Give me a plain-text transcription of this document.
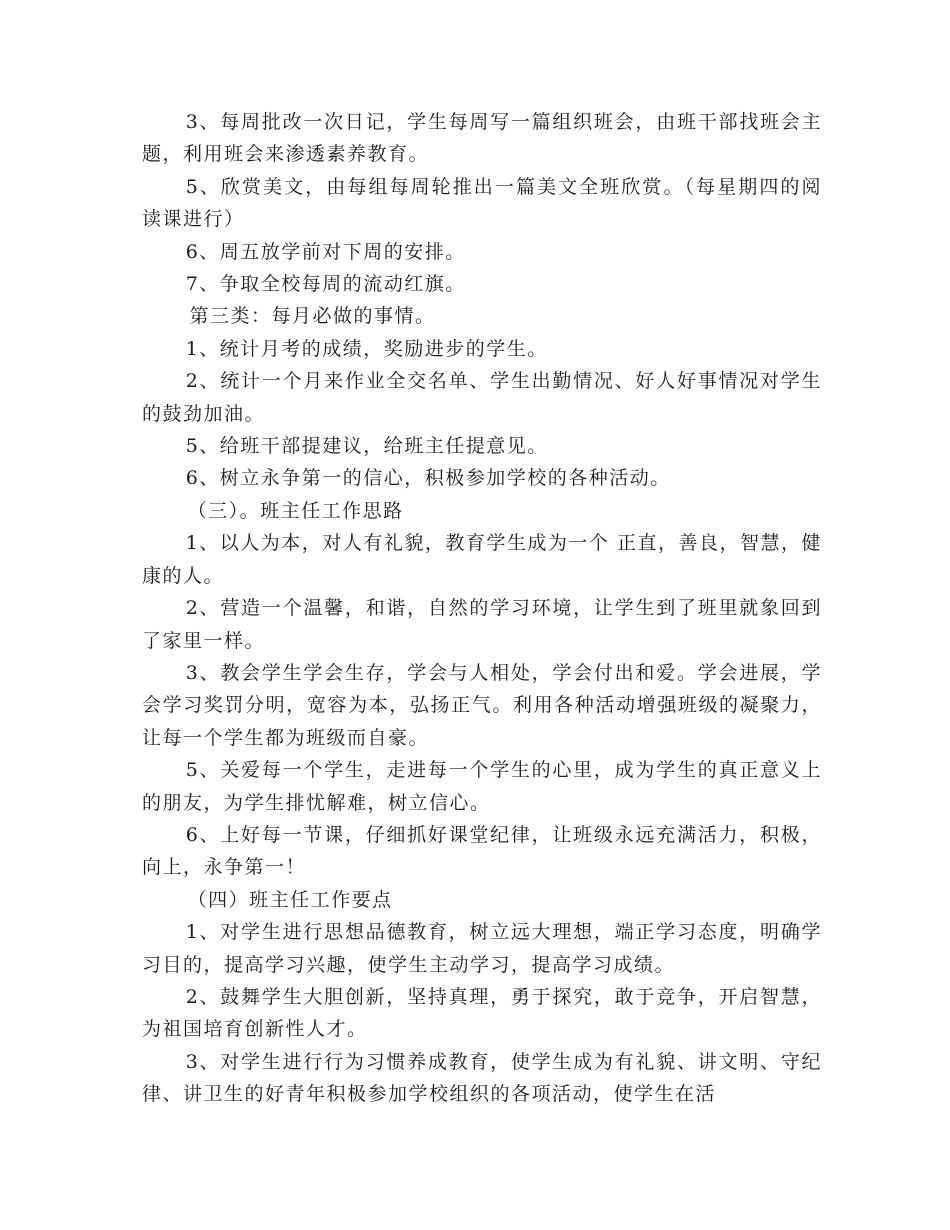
3、每周批改一次日记，学生每周写一篇组织班会，由班干部找班会主题，利用班会来渗透素养教育。

5、欣赏美文，由每组每周轮推出一篇美文全班欣赏。（每星期四的阅读课进行）

6、周五放学前对下周的安排。

7、争取全校每周的流动红旗。

第三类：每月必做的事情。

1、统计月考的成绩，奖励进步的学生。

2、统计一个月来作业全交名单、学生出勤情况、好人好事情况对学生的鼓劲加油。

5、给班干部提建议，给班主任提意见。

6、树立永争第一的信心，积极参加学校的各种活动。

（三）。班主任工作思路

1、以人为本，对人有礼貌，教育学生成为一个 正直，善良，智慧，健康的人。

2、营造一个温馨，和谐，自然的学习环境，让学生到了班里就象回到了家里一样。

3、教会学生学会生存，学会与人相处，学会付出和爱。学会进展，学会学习奖罚分明，宽容为本，弘扬正气。利用各种活动增强班级的凝聚力，让每一个学生都为班级而自豪。

5、关爱每一个学生，走进每一个学生的心里，成为学生的真正意义上的朋友，为学生排忧解难，树立信心。

6、上好每一节课，仔细抓好课堂纪律，让班级永远充满活力，积极，向上，永争第一！

（四）班主任工作要点

1、对学生进行思想品德教育，树立远大理想，端正学习态度，明确学习目的，提高学习兴趣，使学生主动学习，提高学习成绩。

2、鼓舞学生大胆创新，坚持真理，勇于探究，敢于竞争，开启智慧，为祖国培育创新性人才。

3、对学生进行行为习惯养成教育，使学生成为有礼貌、讲文明、守纪律、讲卫生的好青年积极参加学校组织的各项活动，使学生在活
